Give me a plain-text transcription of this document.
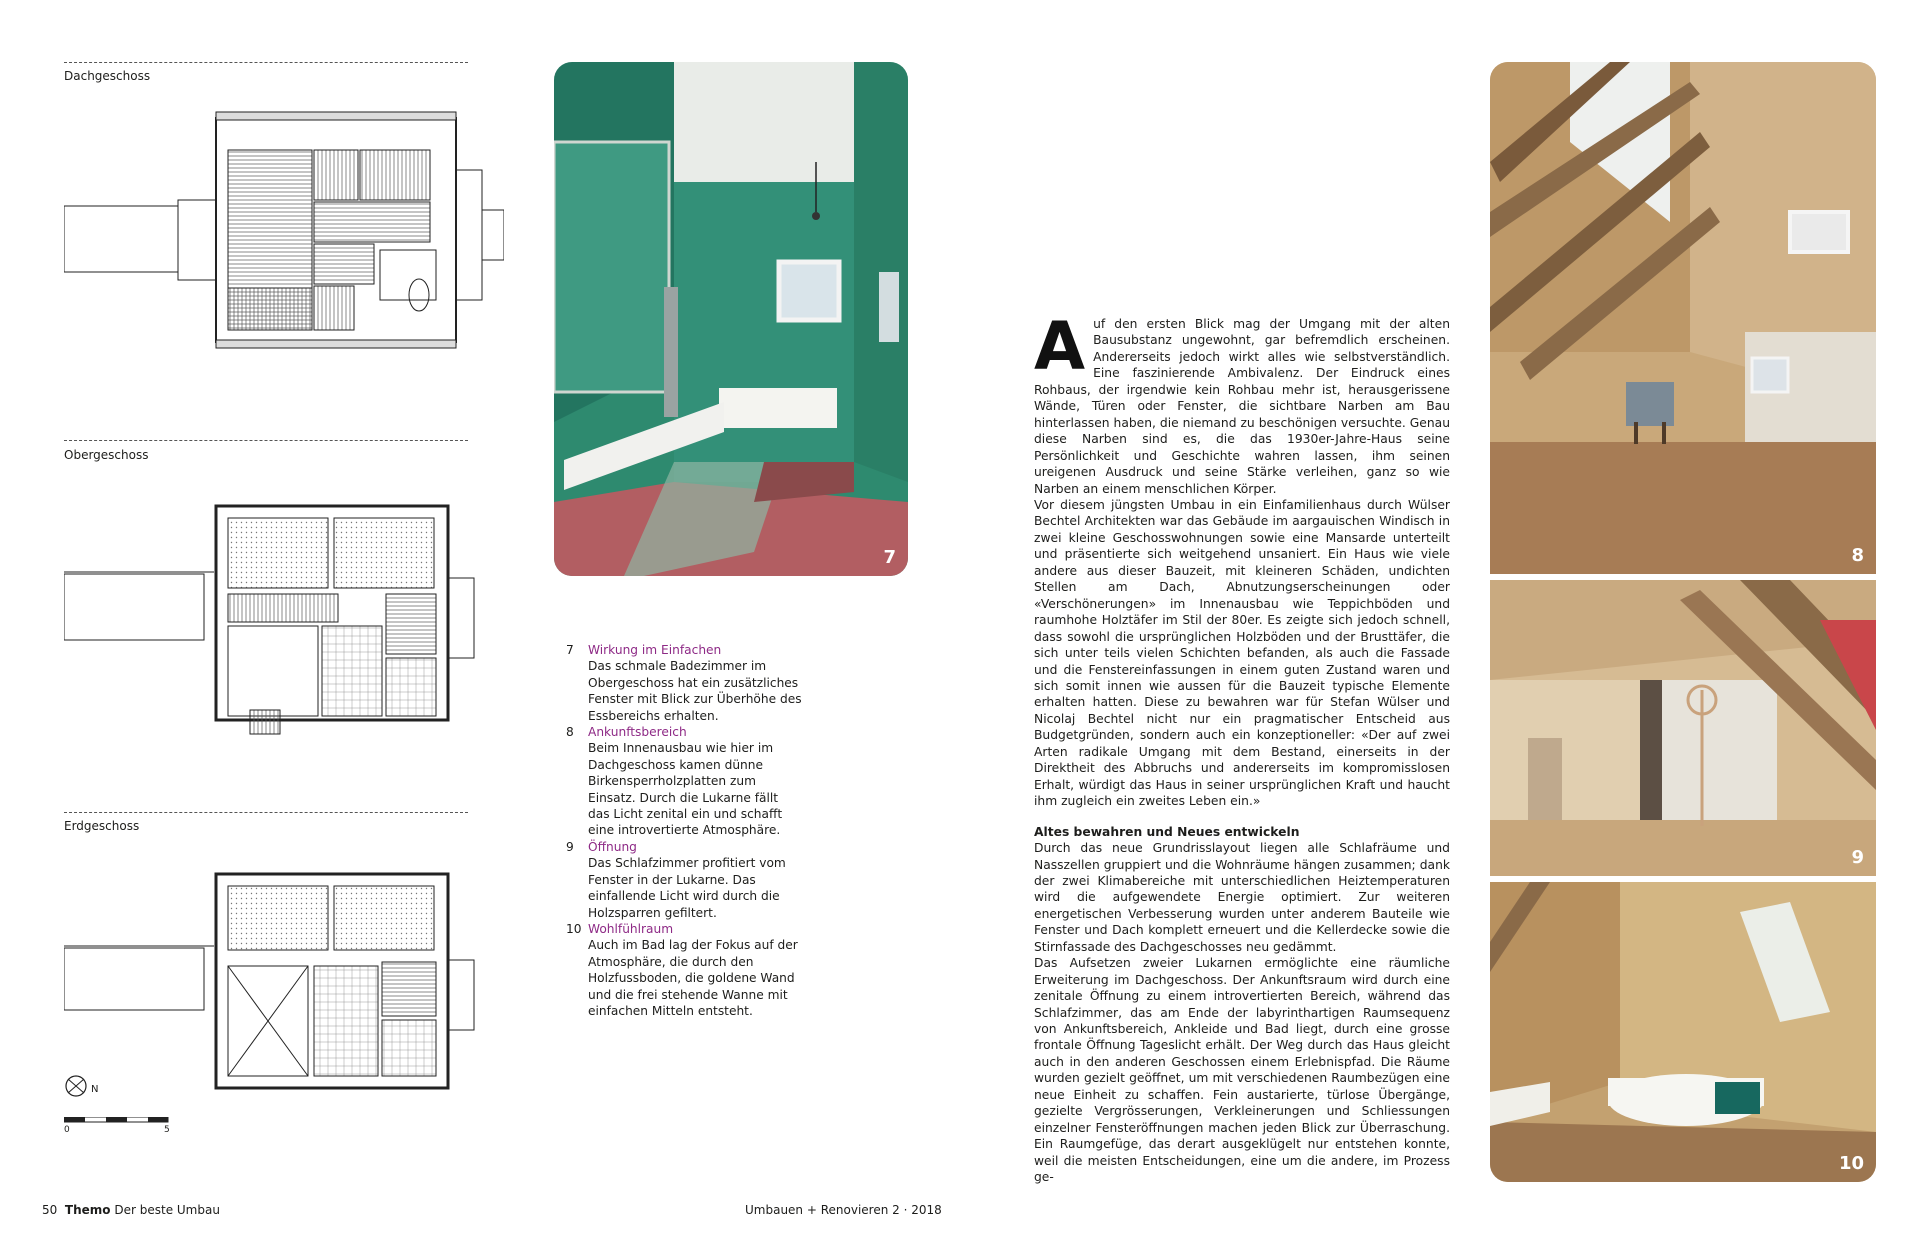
Dachgeschoss
Obergeschoss
Erdgeschoss
N
0	5
7
7 Wirkung im Einfachen
Das schmale Badezimmer im Obergeschoss hat ein zusätzliches Fenster mit Blick zur Überhöhe des Essbereichs erhalten.
8 Ankunftsbereich
Beim Innenausbau wie hier im Dachgeschoss kamen dünne Birkensperrholzplatten zum Einsatz. Durch die Lukarne fällt das Licht zenital ein und schafft eine introvertierte Atmosphäre.
9 Öffnung
Das Schlafzimmer profitiert vom Fenster in der Lukarne. Das einfallende Licht wird durch die Holzsparren gefiltert.
10 Wohlfühlraum
Auch im Bad lag der Fokus auf der Atmosphäre, die durch den Holzfussboden, die goldene Wand und die frei stehende Wanne mit einfachen Mitteln entsteht.
A uf den ersten Blick mag der Umgang mit der alten Bausubstanz ungewohnt, gar befremdlich erscheinen. Andererseits jedoch wirkt alles wie selbstverständlich. Eine faszinierende Ambivalenz. Der Eindruck eines Rohbaus, der irgendwie kein Rohbau mehr ist, herausgerissene Wände, Türen oder Fenster, die sichtbare Narben am Bau hinterlassen haben, die niemand zu beschönigen versuchte. Genau diese Narben sind es, die das 1930er-Jahre-Haus seine Persönlichkeit und Geschichte wahren lassen, ihm seinen ureigenen Ausdruck und seine Stärke verleihen, ganz so wie Narben an einem menschlichen Körper.

Vor diesem jüngsten Umbau in ein Einfamilienhaus durch Wülser Bechtel Architekten war das Gebäude im aargauischen Windisch in zwei kleine Geschosswohnungen sowie eine Mansarde unterteilt und präsentierte sich weitgehend unsaniert. Ein Haus wie viele andere aus dieser Bauzeit, mit kleineren Schäden, undichten Stellen am Dach, Abnutzungserscheinungen oder «Verschönerungen» im Innenausbau wie Teppichböden und raumhohe Holztäfer im Stil der 80er. Es zeigte sich jedoch schnell, dass sowohl die ursprünglichen Holzböden und der Brusttäfer, die sich unter teils vielen Schichten befanden, als auch die Fassade und die Fenstereinfassungen in einem guten Zustand waren und sich somit innen wie aussen für die Bauzeit typische Elemente erhalten hatten. Diese zu bewahren war für Stefan Wülser und Nicolaj Bechtel nicht nur ein pragmatischer Entscheid aus Budgetgründen, sondern auch ein konzeptioneller: «Der auf zwei Arten radikale Umgang mit dem Bestand, einerseits in der Direktheit des Abbruchs und andererseits im kompromisslosen Erhalt, würdigt das Haus in seiner ursprünglichen Kraft und haucht ihm zugleich ein zweites Leben ein.»

Altes bewahren und Neues entwickeln

Durch das neue Grundrisslayout liegen alle Schlafräume und Nasszellen gruppiert und die Wohnräume hängen zusammen; dank der zwei Klimabereiche mit unterschiedlichen Heiztemperaturen wird die aufgewendete Energie optimiert. Zur weiteren energetischen Verbesserung wurden unter anderem Bauteile wie Fenster und Dach komplett erneuert und die Kellerdecke sowie die Stirnfassade des Dachgeschosses neu gedämmt.

Das Aufsetzen zweier Lukarnen ermöglichte eine räumliche Erweiterung im Dachgeschoss. Der Ankunftsraum wird durch eine zenitale Öffnung zu einem introvertierten Bereich, während das Schlafzimmer, das am Ende der labyrinthartigen Raumsequenz von Ankunftsbereich, Ankleide und Bad liegt, durch eine grosse frontale Öffnung Tageslicht erhält. Der Weg durch das Haus gleicht auch in den anderen Geschossen einem Erlebnispfad. Die Räume wurden gezielt geöffnet, um mit verschiedenen Raumbezügen eine neue Einheit zu schaffen. Fein austarierte, türlose Übergänge, gezielte Vergrösserungen, Verkleinerungen und Schliessungen einzelner Fensteröffnungen machen jeden Blick zur Überraschung. Ein Raumgefüge, das derart ausgeklügelt nur entstehen konnte, weil die meisten Entscheidungen, eine um die andere, im Prozess ge-

8
9
10
50 Themo Der beste Umbau	Umbauen + Renovieren 2 · 2018
